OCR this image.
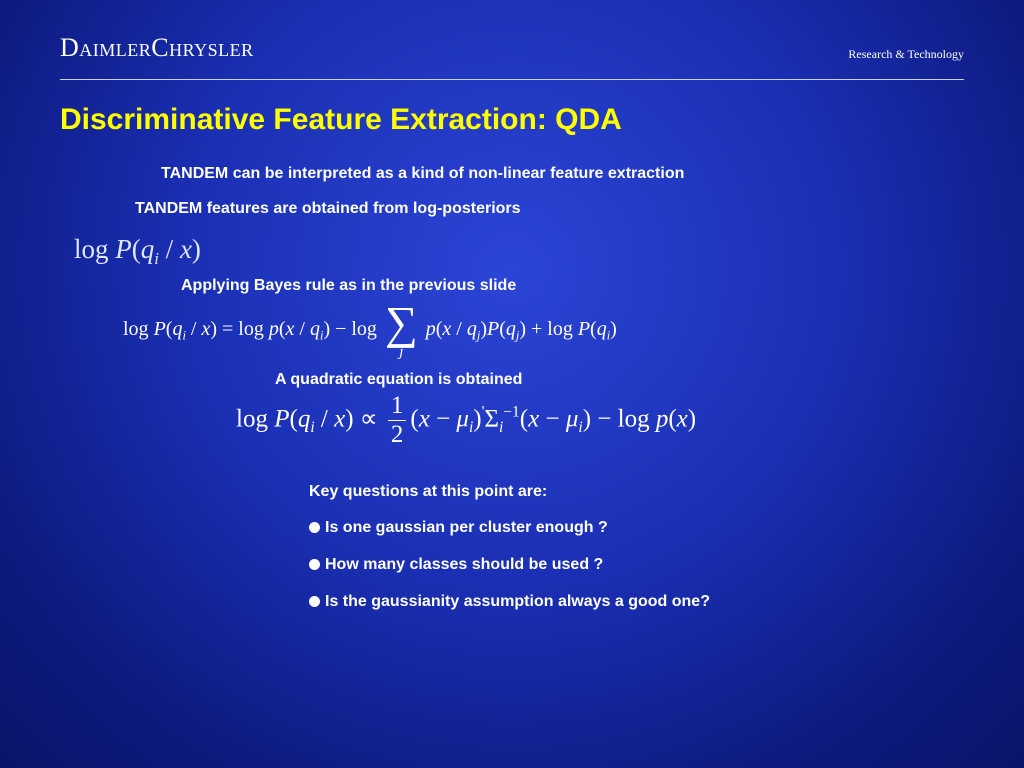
DaimlerChrysler	Research & Technology
Discriminative Feature Extraction: QDA
TANDEM can be interpreted as a kind of non-linear feature extraction
TANDEM features are obtained from log-posteriors
$\log P(q_i / x)$
Applying Bayes rule as in the previous slide
$\log P(q_i / x) = \log p(x / q_i) - \log$ ∑
j
$p(x / q_j)P(q_j) + \log P(q_i)$
A quadratic equation is obtained
$\log P(q_i / x) \propto \frac{1}{2} (x - \mu_i)'\Sigma_i^{-1}(x - \mu_i) - \log p(x)$
Key questions at this point are:
Is one gaussian per cluster enough ?
How many classes should be used ?
Is the gaussianity assumption always a good one?
